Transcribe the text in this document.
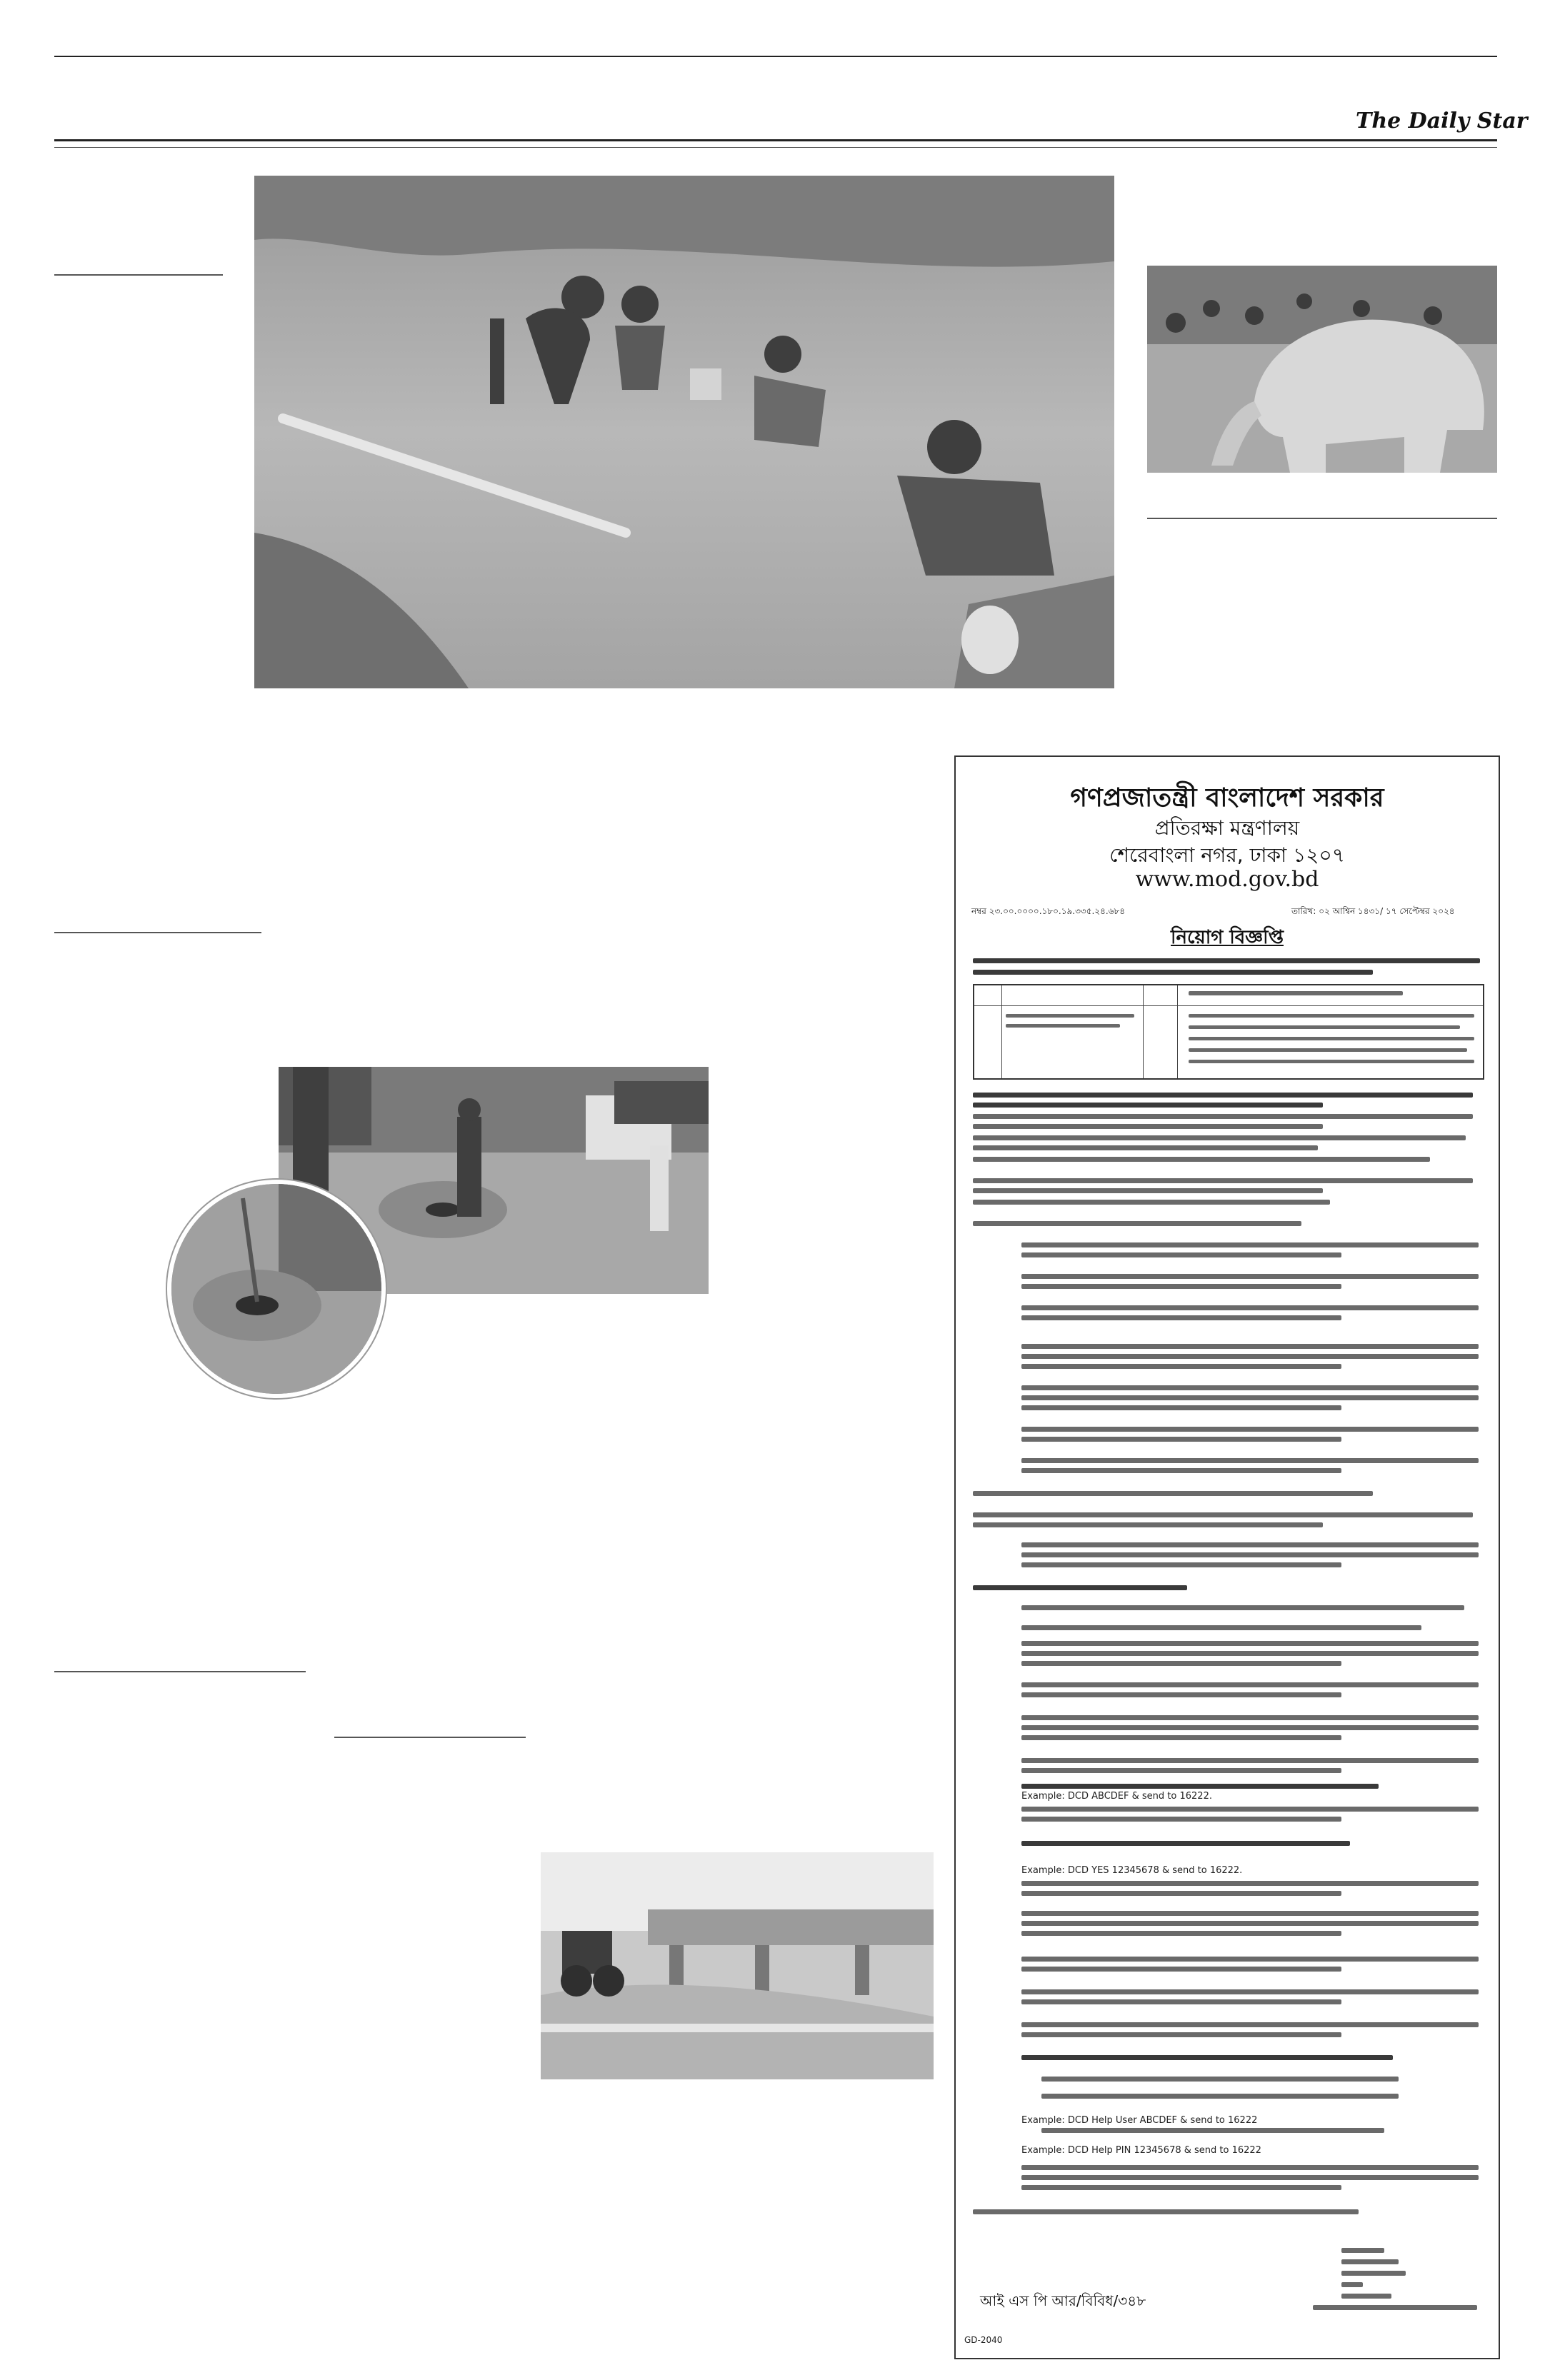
The Daily Star
গণপ্রজাতন্ত্রী বাংলাদেশ সরকার
প্রতিরক্ষা মন্ত্রণালয়
শেরেবাংলা নগর, ঢাকা ১২০৭
www.mod.gov.bd
নম্বর ২৩.০০.০০০০.১৮০.১৯.৩৩৫.২৪.৬৮৪	তারিখ: ০২ আশ্বিন ১৪৩১/ ১৭ সেপ্টেম্বর ২০২৪
নিয়োগ বিজ্ঞপ্তি
Example: DCD ABCDEF & send to 16222.
Example: DCD YES 12345678 & send to 16222.
Example: DCD Help User ABCDEF & send to 16222
Example: DCD Help PIN 12345678 & send to 16222
আই এস পি আর/বিবিধ/৩৪৮
GD-2040
